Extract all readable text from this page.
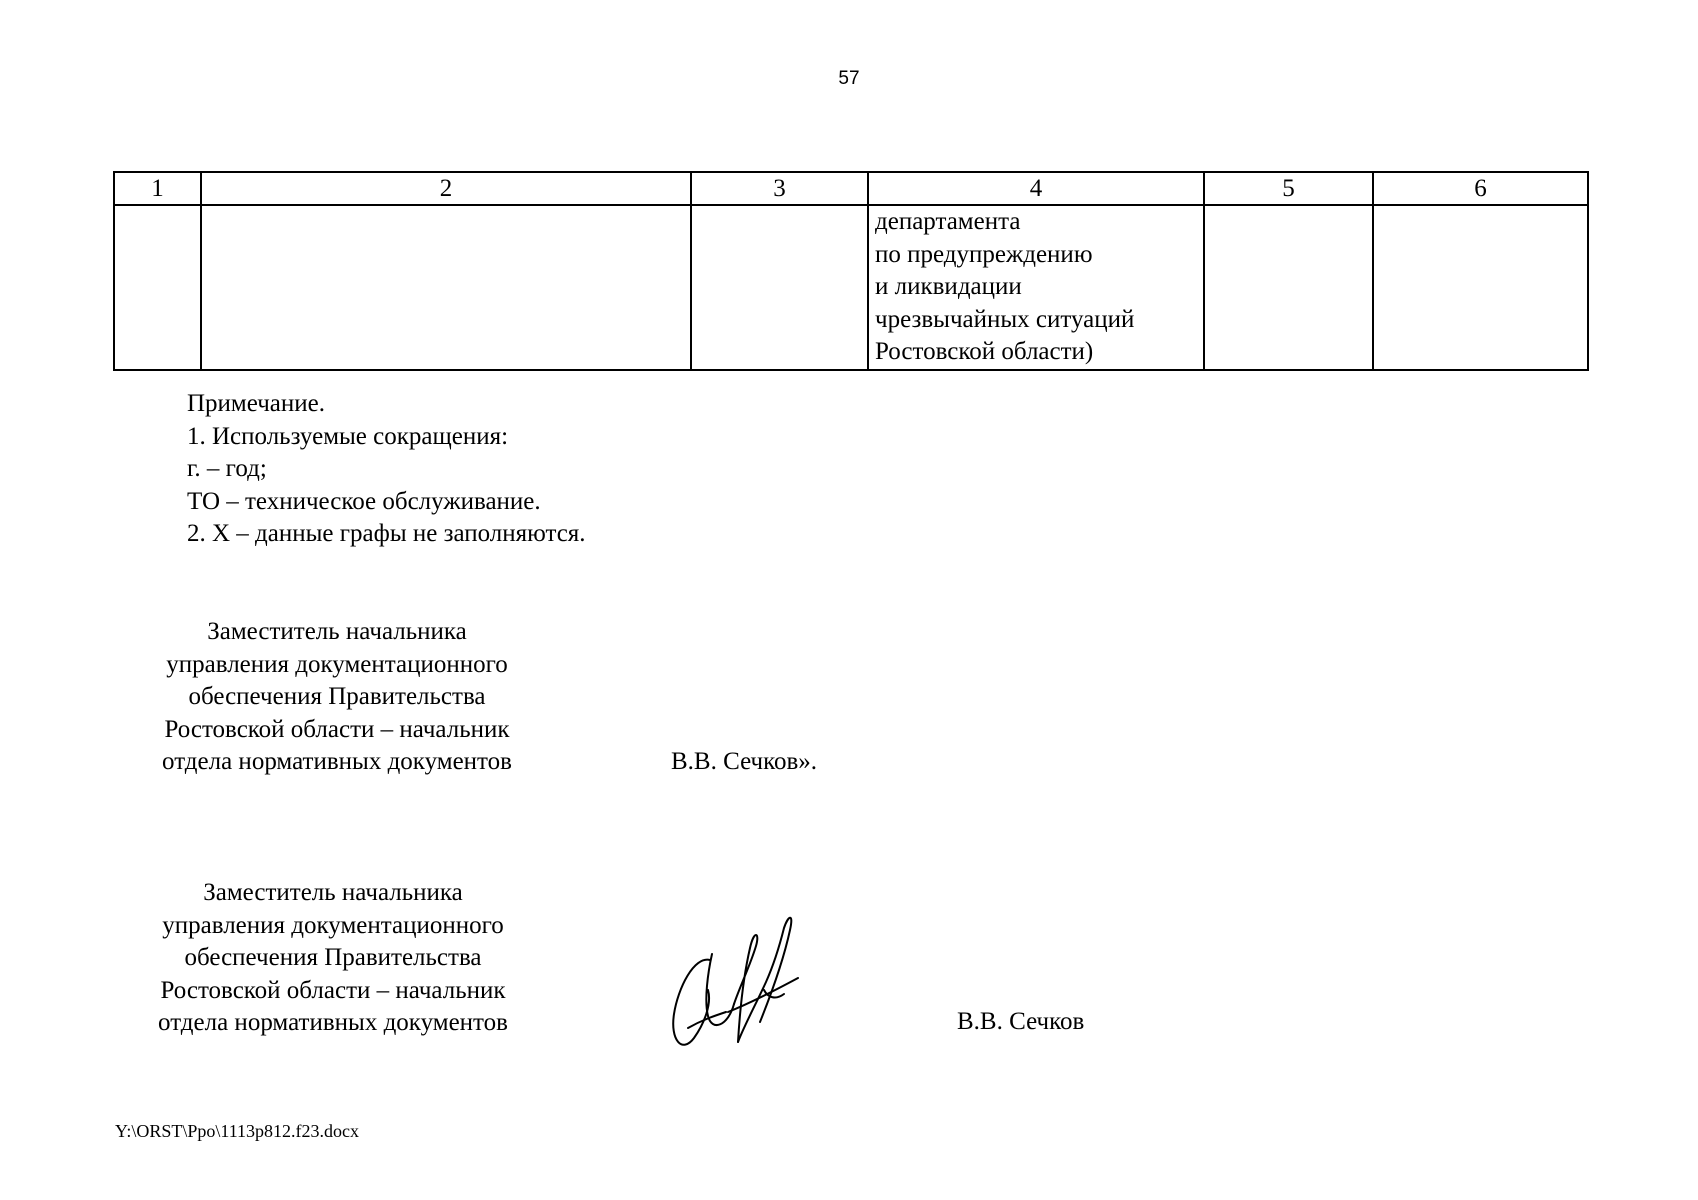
57
1	2	3	4	5	6

			департамента
по предупреждению
и ликвидации
чрезвычайных ситуаций
Ростовской области)		

Примечание.
1. Используемые сокращения:
г. – год;
ТО – техническое обслуживание.
2. Х – данные графы не заполняются.
Заместитель начальника
управления документационного
обеспечения Правительства
Ростовской области – начальник
отдела нормативных документов	В.В. Сечков».
Заместитель начальника
управления документационного
обеспечения Правительства
Ростовской области – начальник
отдела нормативных документов	В.В. Сечков
Y:\ORST\Ppo\1113p812.f23.docx
